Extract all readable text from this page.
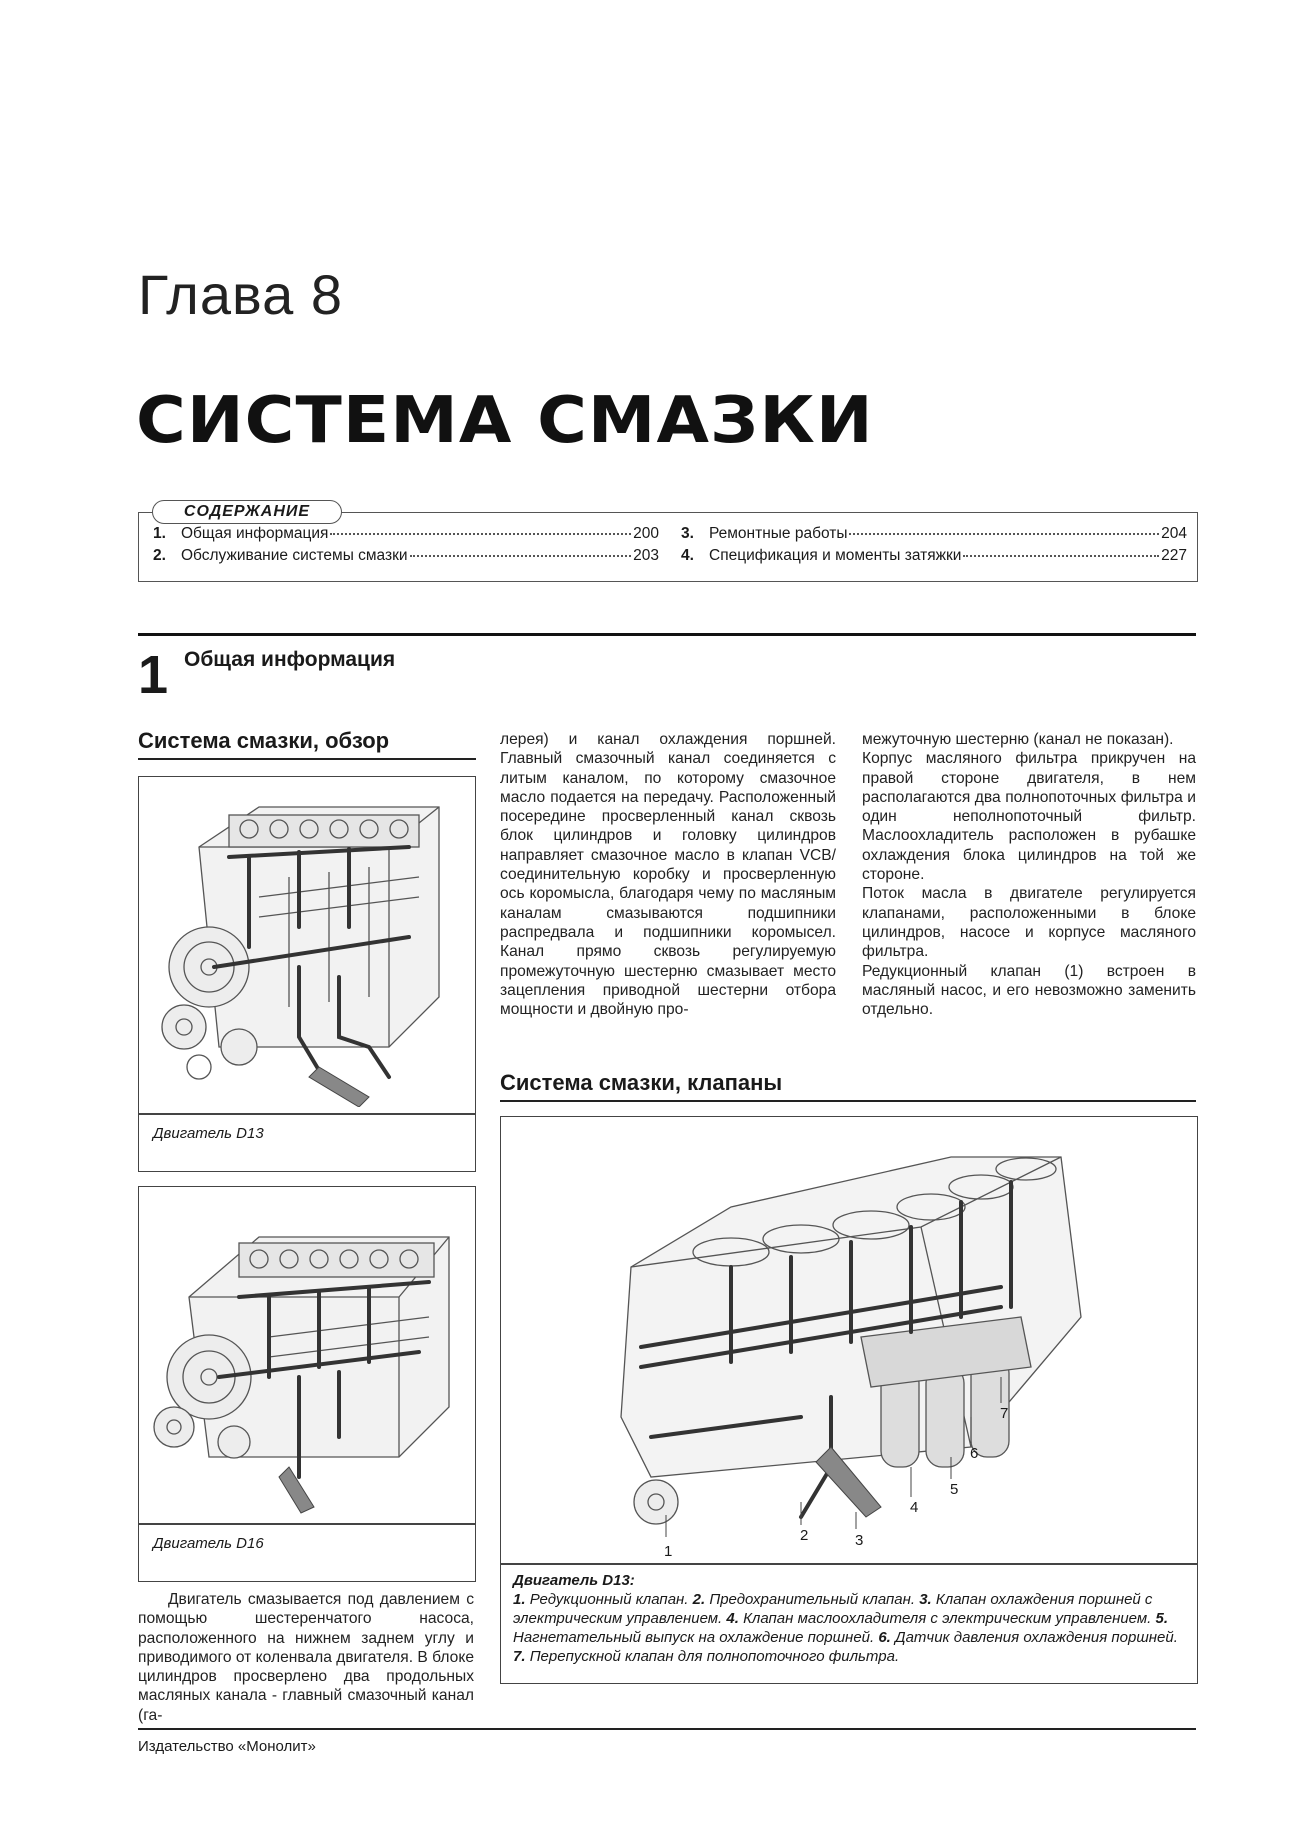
Глава 8
СИСТЕМА СМАЗКИ
1. Общая информация	200
2. Обслуживание системы смазки	203
3. Ремонтные работы	204
4. Спецификация и моменты затяжки	227
СОДЕРЖАНИЕ
1 Общая информация
Система смазки, обзор
Двигатель D13
Двигатель D16

Двигатель смазывается под давлением с помощью шестеренчатого насоса, расположенного на нижнем заднем углу и приводимого от коленвала двигателя. В блоке цилиндров просверлено два продольных масляных канала - главный смазочный канал (га-

лерея) и канал охлаждения поршней. Главный смазочный канал соединяется с литым каналом, по которому смазочное масло подается на передачу. Расположенный посередине просверленный канал сквозь блок цилиндров и головку цилиндров направляет смазочное масло в клапан VCB/соединительную коробку и просверленную ось коромысла, благодаря чему по масляным каналам смазываются подшипники распредвала и подшипники коромысел. Канал прямо сквозь регулируемую промежуточную шестерню смазывает место зацепления приводной шестерни отбора мощности и двойную про-

межуточную шестерню (канал не показан).

Корпус масляного фильтра прикручен на правой стороне двигателя, в нем располагаются два полнопоточных фильтра и один неполнопоточный фильтр. Маслоохладитель расположен в рубашке охлаждения блока цилиндров на той же стороне.

Поток масла в двигателе регулируется клапанами, расположенными в блоке цилиндров, насосе и корпусе масляного фильтра.

Редукционный клапан (1) встроен в масляный насос, и его невозможно заменить отдельно.

Система смазки, клапаны
1
2	3
4
5
6
7
Двигатель D13:
1. Редукционный клапан. 2. Предохранительный клапан. 3. Клапан охлаждения поршней с электрическим управлением. 4. Клапан маслоохладителя с электрическим управлением. 5. Нагнетательный выпуск на охлаждение поршней. 6. Датчик давления охлаждения поршней. 7. Перепускной клапан для полнопоточного фильтра.
Издательство «Монолит»
